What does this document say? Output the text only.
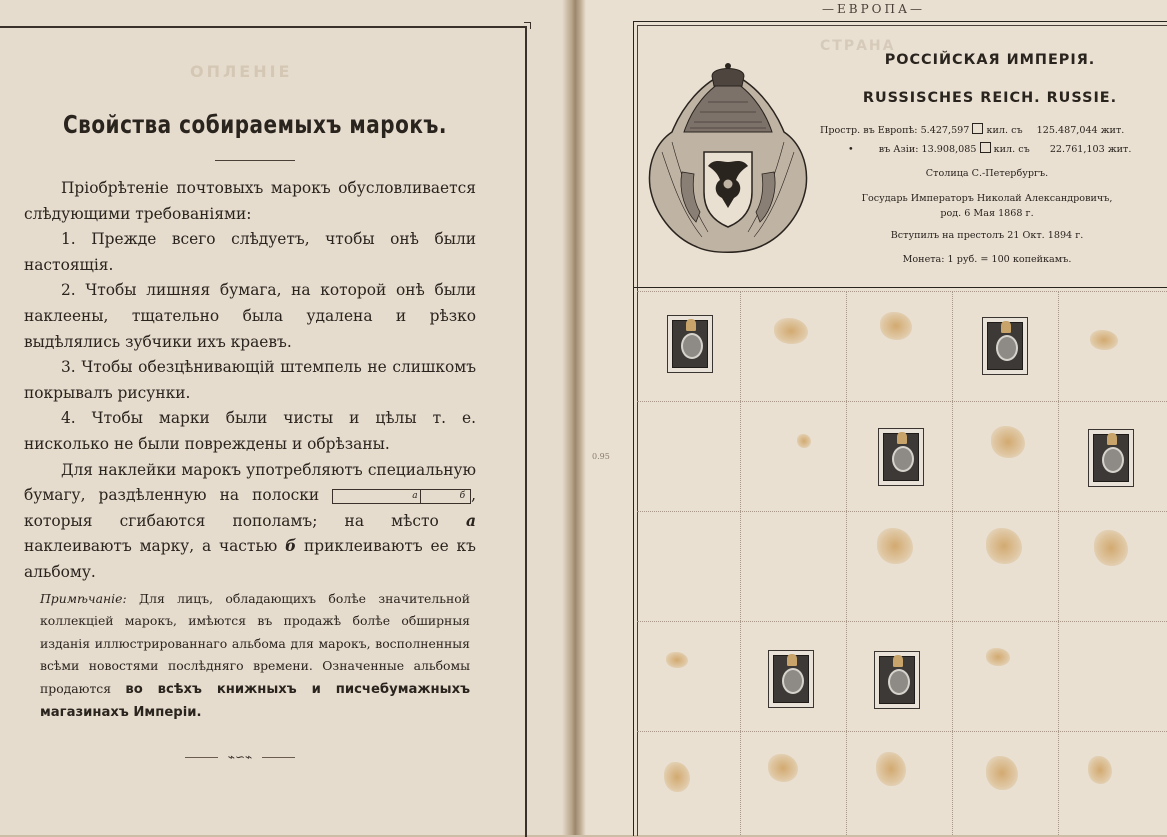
ОПЛЕНІЕ
Свойства собираемыхъ марокъ.

Пріобрѣтеніе почтовыхъ марокъ обусловливается слѣдующими требованіями:

1. Прежде всего слѣдуетъ, чтобы онѣ были настоящія.

2. Чтобы лишняя бумага, на которой онѣ были наклеены, тщательно была удалена и рѣзко выдѣлялись зубчики ихъ краевъ.

3. Чтобы обезцѣнивающій штемпель не слишкомъ покрывалъ рисунки.

4. Чтобы марки были чисты и цѣлы т. е. нисколько не были повреждены и обрѣзаны.

Для наклейки марокъ употребляютъ специальную бумагу, раздѣленную на полоски	а	б , которыя сгибаются пополамъ; на мѣсто а наклеиваютъ марку, а частью б приклеиваютъ ее къ альбому.

Примѣчаніе: Для лицъ, обладающихъ болѣе значительной коллекціей марокъ, имѣются въ продажѣ болѣе обширныя изданія иллюстрированнаго альбома для марокъ, восполненныя всѣми новостями послѣдняго времени. Означенные альбомы продаются во всѣхъ книжныхъ и писчебумажныхъ магазинахъ Имперіи.
⌁∽⌁
—ЕВРОПА—
СТРАНА
РОССІЙСКАЯ ИМПЕРІЯ.
RUSSISCHES REICH. RUSSIE.
Простр. въ Европѣ: 5.427,597 кил. съ 125.487,044 жит.
•	въ Азіи: 13.908,085 кил. съ 22.761,103 жит.
Столица С.-Петербургъ.
Государь Императоръ Николай Александровичъ,
род. 6 Мая 1868 г.
Вступилъ на престолъ 21 Окт. 1894 г.
Монета: 1 руб. = 100 копейкамъ.
0.95
